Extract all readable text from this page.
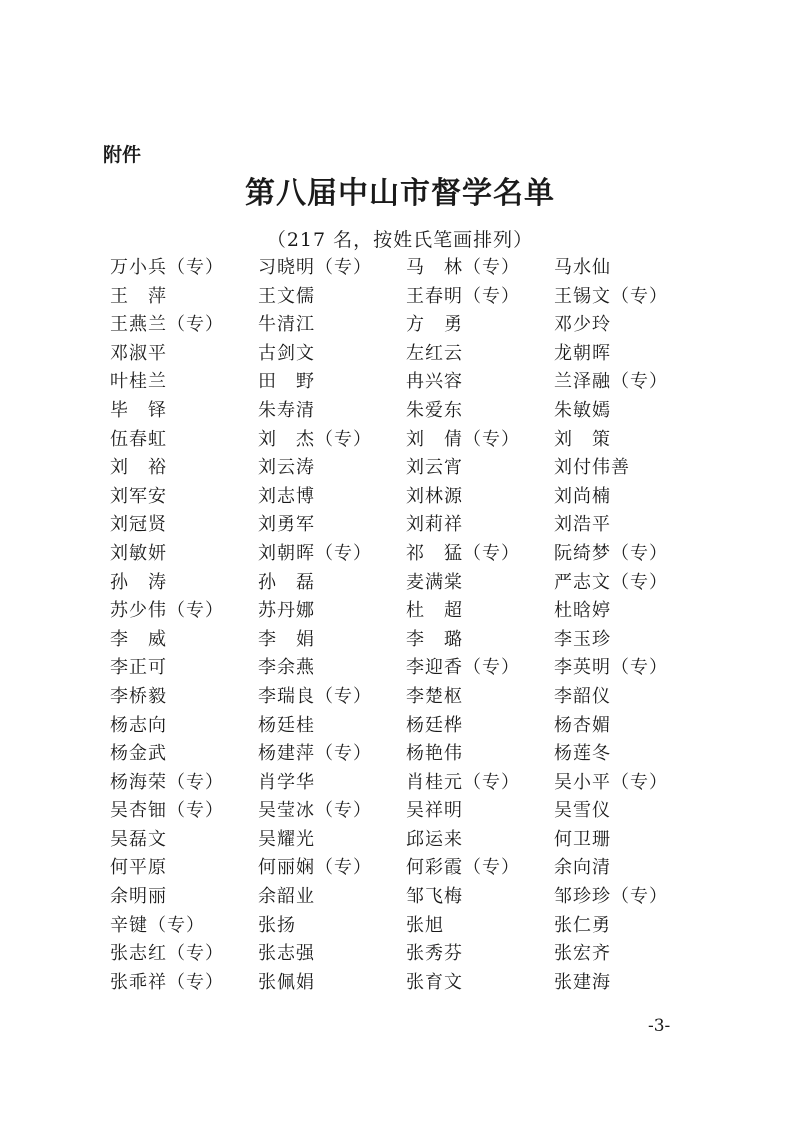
附件
第八届中山市督学名单
（217 名，按姓氏笔画排列）
万小兵（专）	习晓明（专）	马　林（专）	马水仙
王　萍	王文儒	王春明（专）	王锡文（专）
王燕兰（专）	牛清江	方　勇	邓少玲
邓淑平	古剑文	左红云	龙朝晖
叶桂兰	田　野	冉兴容	兰泽融（专）
毕　铎	朱寿清	朱爱东	朱敏嫣
伍春虹	刘　杰（专）	刘　倩（专）	刘　策
刘　裕	刘云涛	刘云宵	刘付伟善
刘军安	刘志博	刘林源	刘尚楠
刘冠贤	刘勇军	刘莉祥	刘浩平
刘敏妍	刘朝晖（专）	祁　猛（专）	阮绮梦（专）
孙　涛	孙　磊	麦满棠	严志文（专）
苏少伟（专）	苏丹娜	杜　超	杜晗婷
李　威	李　娟	李　璐	李玉珍
李正可	李余燕	李迎香（专）	李英明（专）
李桥毅	李瑞良（专）	李楚枢	李韶仪
杨志向	杨廷桂	杨廷桦	杨杏媚
杨金武	杨建萍（专）	杨艳伟	杨莲冬
杨海荣（专）	肖学华	肖桂元（专）	吴小平（专）
吴杏钿（专）	吴莹冰（专）	吴祥明	吴雪仪
吴磊文	吴耀光	邱运来	何卫珊
何平原	何丽娴（专）	何彩霞（专）	余向清
余明丽	余韶业	邹飞梅	邹珍珍（专）
辛键（专）	张扬	张旭	张仁勇
张志红（专）	张志强	张秀芬	张宏齐
张乖祥（专）	张佩娟	张育文	张建海
-3-
